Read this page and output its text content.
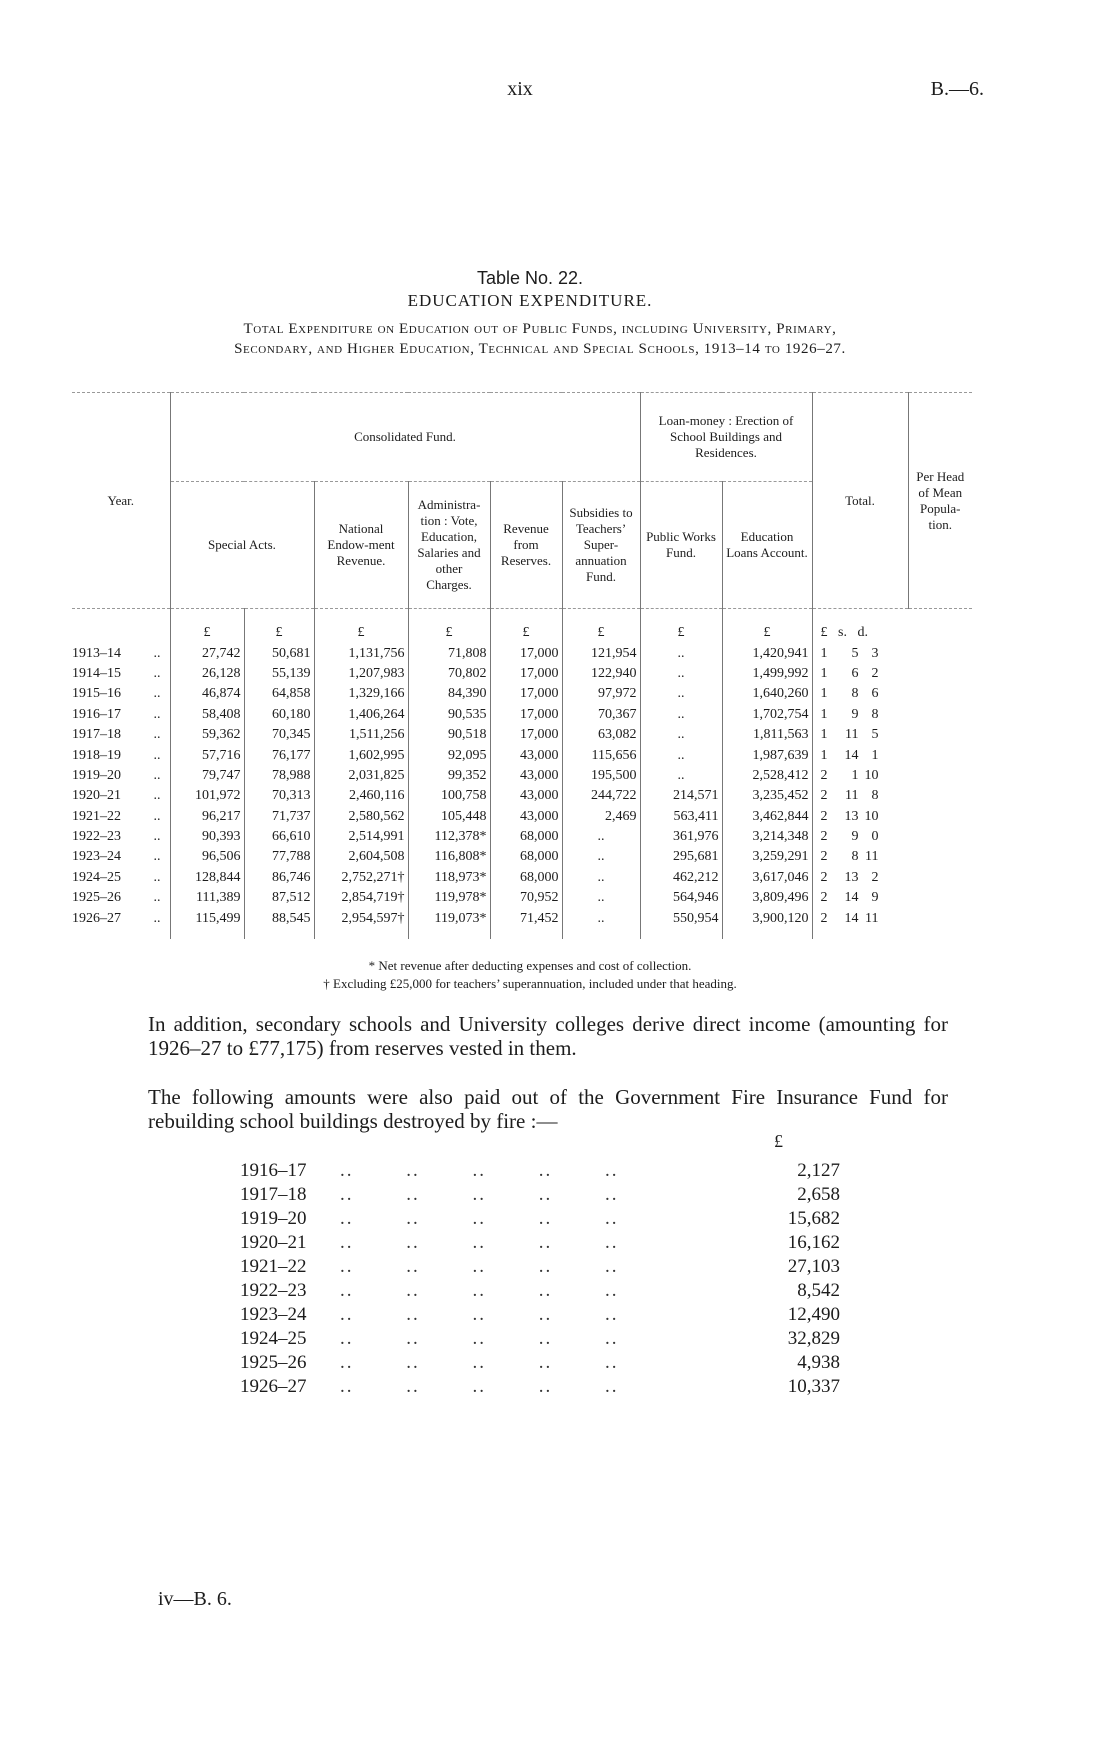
xix	B.—6.
Table No. 22.
EDUCATION EXPENDITURE.
Total Expenditure on Education out of Public Funds, including University, Primary,
Secondary, and Higher Education, Technical and Special Schools, 1913–14 to 1926–27.
Year.	Consolidated Fund.						Loan-money : Erection of School Buildings and Residences.		Total.	Per Head of Mean Popula-tion.
	Special Acts.		National Endow-ment Revenue.	Administra-tion : Vote, Education, Salaries and other Charges.	Revenue from Reserves.	Subsidies to Teachers’ Super-annuation Fund.	Public Works Fund.	Education Loans Account.		
	£	£	£	£	£	£	£	£	£ s. d.	
1913–14 ..	27,742	50,681	1,131,756	71,808	17,000	121,954	..	1,420,941	1 5 3	
1914–15 ..	26,128	55,139	1,207,983	70,802	17,000	122,940	..	1,499,992	1 6 2	
1915–16 ..	46,874	64,858	1,329,166	84,390	17,000	97,972	..	1,640,260	1 8 6	
1916–17 ..	58,408	60,180	1,406,264	90,535	17,000	70,367	..	1,702,754	1 9 8	
1917–18 ..	59,362	70,345	1,511,256	90,518	17,000	63,082	..	1,811,563	1 11 5	
1918–19 ..	57,716	76,177	1,602,995	92,095	43,000	115,656	..	1,987,639	1 14 1	
1919–20 ..	79,747	78,988	2,031,825	99,352	43,000	195,500	..	2,528,412	2 1 10	
1920–21 ..	101,972	70,313	2,460,116	100,758	43,000	244,722	214,571	3,235,452	2 11 8	
1921–22 ..	96,217	71,737	2,580,562	105,448	43,000	2,469	563,411	3,462,844	2 13 10	
1922–23 ..	90,393	66,610	2,514,991	112,378*	68,000	..	361,976	3,214,348	2 9 0	
1923–24 ..	96,506	77,788	2,604,508	116,808*	68,000	..	295,681	3,259,291	2 8 11	
1924–25 ..	128,844	86,746	2,752,271†	118,973*	68,000	..	462,212	3,617,046	2 13 2	
1925–26 ..	111,389	87,512	2,854,719†	119,978*	70,952	..	564,946	3,809,496	2 14 9	
1926–27 ..	115,499	88,545	2,954,597†	119,073*	71,452	..	550,954	3,900,120	2 14 11	
* Net revenue after deducting expenses and cost of collection.
† Excluding £25,000 for teachers’ superannuation, included under that heading.
In addition, secondary schools and University colleges derive direct income (amounting for 1926–27 to £77,175) from reserves vested in them.
The following amounts were also paid out of the Government Fire Insurance Fund for rebuilding school buildings destroyed by fire :—
£
1916–17	.. .. .. .. ..	2,127
1917–18	.. .. .. .. ..	2,658
1919–20	.. .. .. .. ..	15,682
1920–21	.. .. .. .. ..	16,162
1921–22	.. .. .. .. ..	27,103
1922–23	.. .. .. .. ..	8,542
1923–24	.. .. .. .. ..	12,490
1924–25	.. .. .. .. ..	32,829
1925–26	.. .. .. .. ..	4,938
1926–27	.. .. .. .. ..	10,337
iv—B. 6.
